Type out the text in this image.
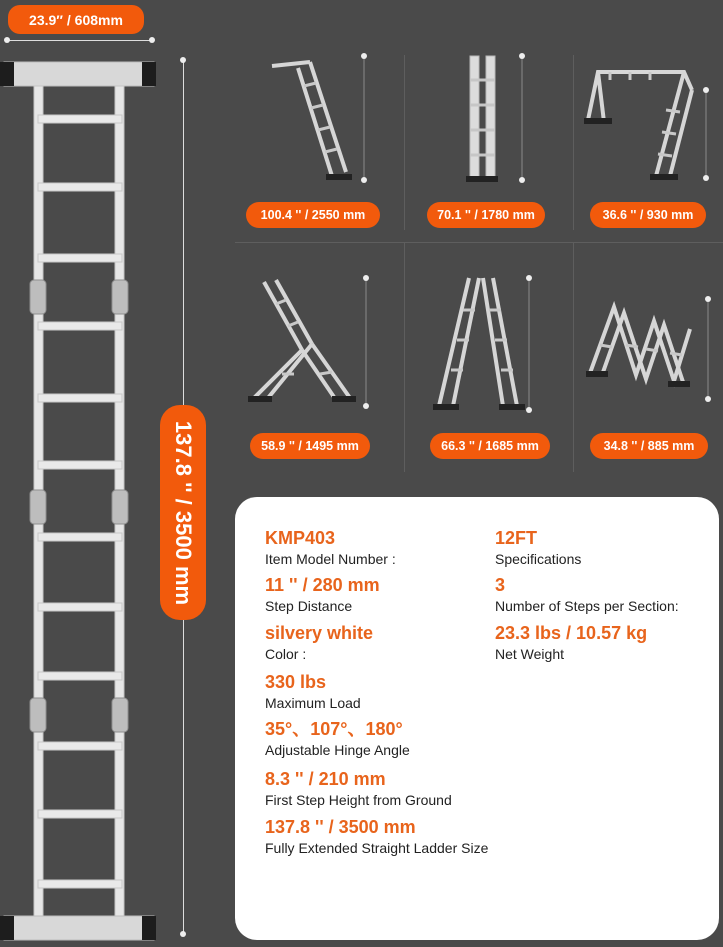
23.9″ / 608mm
137.8 '' / 3500 mm
100.4 '' / 2550 mm	70.1 '' / 1780 mm	36.6 '' / 930 mm
58.9 '' / 1495 mm	66.3 '' / 1685 mm	34.8 '' / 885 mm
KMP403
Item Model Number :
11 '' / 280 mm
Step Distance
silvery white
Color :
330 lbs
Maximum Load
35°、107°、180°
Adjustable Hinge Angle
8.3 '' / 210 mm
First Step Height from Ground
137.8 '' / 3500 mm
Fully Extended Straight Ladder Size
12FT
Specifications
3
Number of Steps per Section:
23.3 lbs / 10.57 kg
Net Weight
